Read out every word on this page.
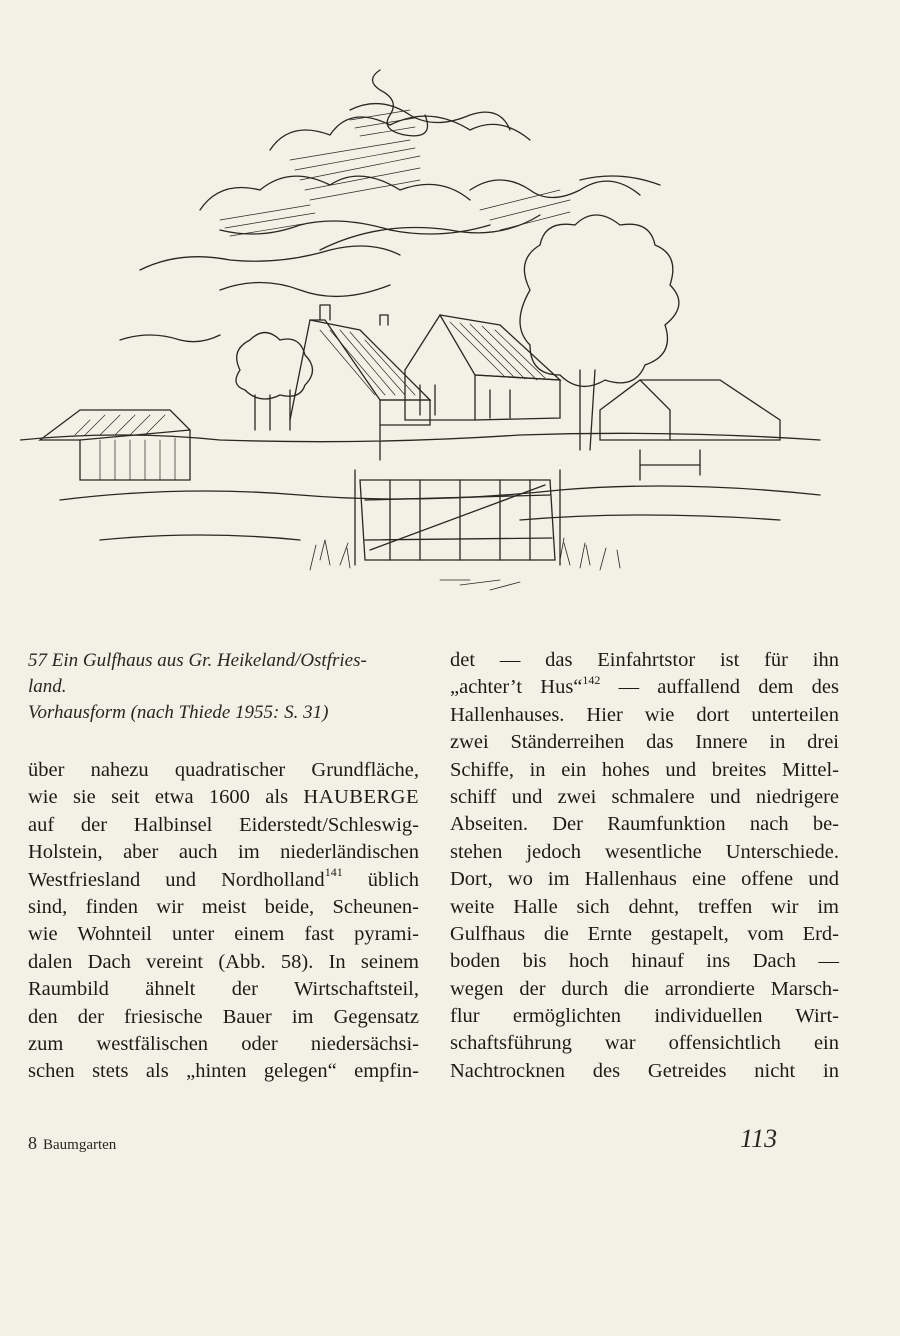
57 Ein Gulfhaus aus Gr. Heikeland/Ostfries-
land.
Vorhausform (nach Thiede 1955: S. 31)
über nahezu quadratischer Grundfläche,
wie sie seit etwa 1600 als HAUBERGE
auf der Halbinsel Eiderstedt/Schleswig-
Holstein, aber auch im niederländischen
Westfriesland und Nordholland$^{141}$ üblich
sind, finden wir meist beide, Scheunen-
wie Wohnteil unter einem fast pyrami-
dalen Dach vereint (Abb. 58). In seinem
Raumbild ähnelt der Wirtschaftsteil,
den der friesische Bauer im Gegensatz
zum westfälischen oder niedersächsi-
schen stets als „hinten gelegen“ empfin-
det — das Einfahrtstor ist für ihn
„achter’t Hus“$^{142}$ — auffallend dem des
Hallenhauses. Hier wie dort unterteilen
zwei Ständerreihen das Innere in drei
Schiffe, in ein hohes und breites Mittel-
schiff und zwei schmalere und niedrigere
Abseiten. Der Raumfunktion nach be-
stehen jedoch wesentliche Unterschiede.
Dort, wo im Hallenhaus eine offene und
weite Halle sich dehnt, treffen wir im
Gulfhaus die Ernte gestapelt, vom Erd-
boden bis hoch hinauf ins Dach —
wegen der durch die arrondierte Marsch-
flur ermöglichten individuellen Wirt-
schaftsführung war offensichtlich ein
Nachtrocknen des Getreides nicht in
8 Baumgarten	113
